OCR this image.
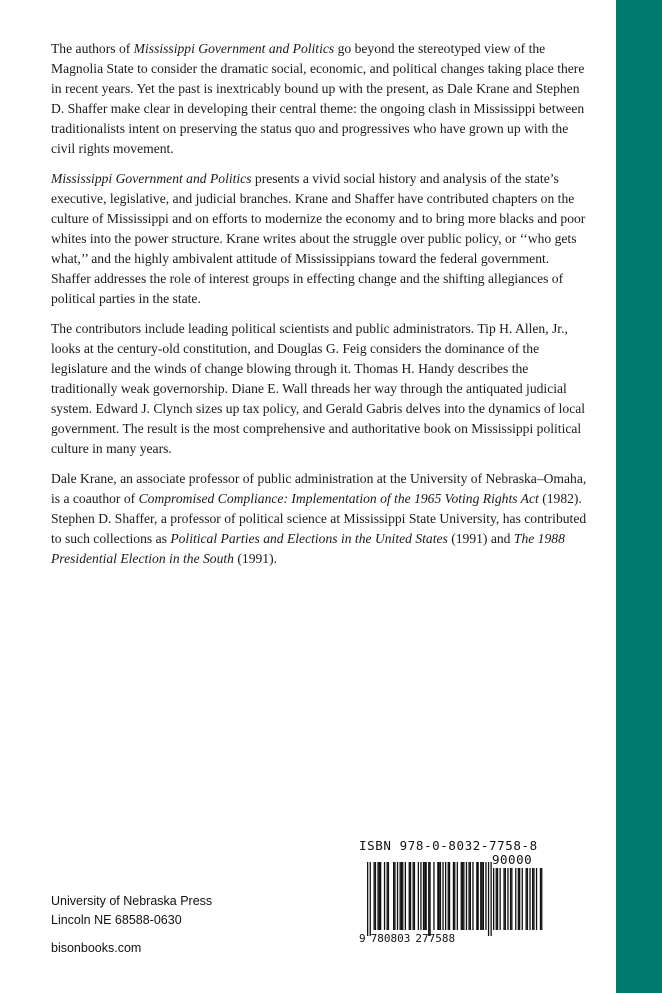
The authors of Mississippi Government and Politics go beyond the stereotyped view of the Magnolia State to consider the dramatic social, economic, and political changes taking place there in recent years. Yet the past is inextricably bound up with the present, as Dale Krane and Stephen D. Shaffer make clear in developing their central theme: the ongoing clash in Mississippi between traditionalists intent on preserving the status quo and progressives who have grown up with the civil rights movement.

Mississippi Government and Politics presents a vivid social history and analysis of the state’s executive, legislative, and judicial branches. Krane and Shaffer have contributed chapters on the culture of Mississippi and on efforts to modernize the economy and to bring more blacks and poor whites into the power structure. Krane writes about the struggle over public policy, or ‘‘who gets what,’’ and the highly ambivalent attitude of Mississippians toward the federal government. Shaffer addresses the role of interest groups in effecting change and the shifting allegiances of political parties in the state.

The contributors include leading political scientists and public administrators. Tip H. Allen, Jr., looks at the century-old constitution, and Douglas G. Feig considers the dominance of the legislature and the winds of change blowing through it. Thomas H. Handy describes the traditionally weak governorship. Diane E. Wall threads her way through the antiquated judicial system. Edward J. Clynch sizes up tax policy, and Gerald Gabris delves into the dynamics of local government. The result is the most comprehensive and authoritative book on Mississippi political culture in many years.

Dale Krane, an associate professor of public administration at the University of Nebraska–Omaha, is a coauthor of Compromised Compliance: Implementation of the 1965 Voting Rights Act (1982). Stephen D. Shaffer, a professor of political science at Mississippi State University, has contributed to such collections as Political Parties and Elections in the United States (1991) and The 1988 Presidential Election in the South (1991).

University of Nebraska Press
Lincoln NE 68588-0630
bisonbooks.com
ISBN 978-0-8032-7758-8
90000
9 780803 277588
